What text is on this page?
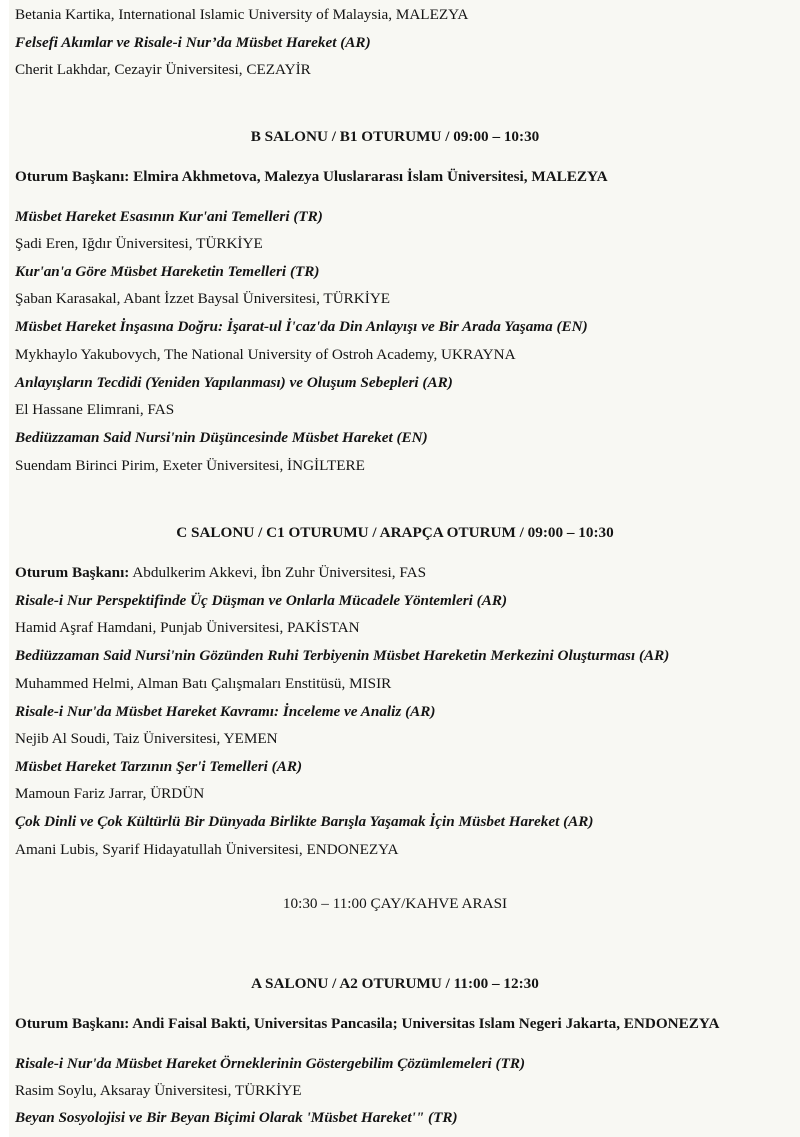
Betania Kartika, International Islamic University of Malaysia, MALEZYA
Felsefi Akımlar ve Risale-i Nur’da Müsbet Hareket (AR)
Cherit Lakhdar, Cezayir Üniversitesi, CEZAYİR
B SALONU / B1 OTURUMU / 09:00 – 10:30
Oturum Başkanı: Elmira Akhmetova, Malezya Uluslararası İslam Üniversitesi, MALEZYA
Müsbet Hareket Esasının Kur'ani Temelleri (TR)
Şadi Eren, Iğdır Üniversitesi, TÜRKİYE
Kur'an'a Göre Müsbet Hareketin Temelleri (TR)
Şaban Karasakal, Abant İzzet Baysal Üniversitesi, TÜRKİYE
Müsbet Hareket İnşasına Doğru: İşarat-ul İ'caz'da Din Anlayışı ve Bir Arada Yaşama (EN)
Mykhaylo Yakubovych, The National University of Ostroh Academy, UKRAYNA
Anlayışların Tecdidi (Yeniden Yapılanması) ve Oluşum Sebepleri (AR)
El Hassane Elimrani, FAS
Bediüzzaman Said Nursi'nin Düşüncesinde Müsbet Hareket (EN)
Suendam Birinci Pirim, Exeter Üniversitesi, İNGİLTERE
C SALONU / C1 OTURUMU / ARAPÇA OTURUM / 09:00 – 10:30
Oturum Başkanı: Abdulkerim Akkevi, İbn Zuhr Üniversitesi, FAS
Risale-i Nur Perspektifinde Üç Düşman ve Onlarla Mücadele Yöntemleri (AR)
Hamid Aşraf Hamdani, Punjab Üniversitesi, PAKİSTAN
Bediüzzaman Said Nursi'nin Gözünden Ruhi Terbiyenin Müsbet Hareketin Merkezini Oluşturması (AR)
Muhammed Helmi, Alman Batı Çalışmaları Enstitüsü, MISIR
Risale-i Nur'da Müsbet Hareket Kavramı: İnceleme ve Analiz (AR)
Nejib Al Soudi, Taiz Üniversitesi, YEMEN
Müsbet Hareket Tarzının Şer'i Temelleri (AR)
Mamoun Fariz Jarrar, ÜRDÜN
Çok Dinli ve Çok Kültürlü Bir Dünyada Birlikte Barışla Yaşamak İçin Müsbet Hareket (AR)
Amani Lubis, Syarif Hidayatullah Üniversitesi, ENDONEZYA
10:30 – 11:00 ÇAY/KAHVE ARASI
A SALONU / A2 OTURUMU / 11:00 – 12:30
Oturum Başkanı: Andi Faisal Bakti, Universitas Pancasila; Universitas Islam Negeri Jakarta, ENDONEZYA
Risale-i Nur'da Müsbet Hareket Örneklerinin Göstergebilim Çözümlemeleri (TR)
Rasim Soylu, Aksaray Üniversitesi, TÜRKİYE
Beyan Sosyolojisi ve Bir Beyan Biçimi Olarak 'Müsbet Hareket'" (TR)
